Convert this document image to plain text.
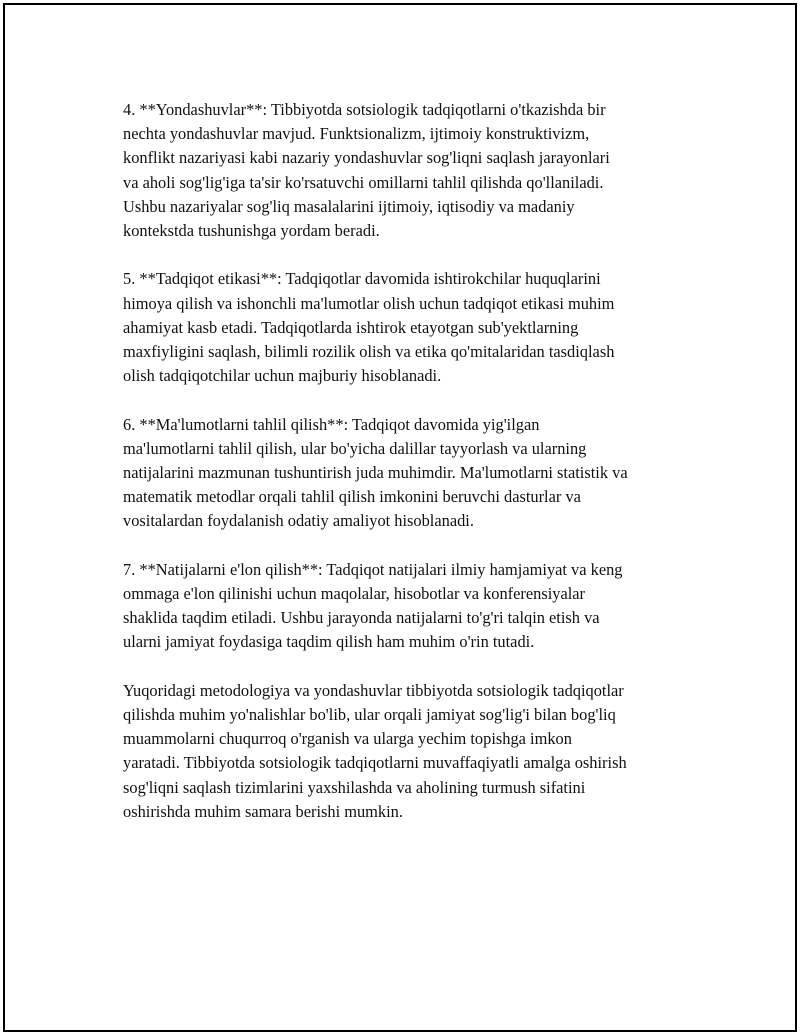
4. **Yondashuvlar**: Tibbiyotda sotsiologik tadqiqotlarni o'tkazishda bir
nechta yondashuvlar mavjud. Funktsionalizm, ijtimoiy konstruktivizm,
konflikt nazariyasi kabi nazariy yondashuvlar sog'liqni saqlash jarayonlari
va aholi sog'lig'iga ta'sir ko'rsatuvchi omillarni tahlil qilishda qo'llaniladi.
Ushbu nazariyalar sog'liq masalalarini ijtimoiy, iqtisodiy va madaniy
kontekstda tushunishga yordam beradi.

5. **Tadqiqot etikasi**: Tadqiqotlar davomida ishtirokchilar huquqlarini
himoya qilish va ishonchli ma'lumotlar olish uchun tadqiqot etikasi muhim
ahamiyat kasb etadi. Tadqiqotlarda ishtirok etayotgan sub'yektlarning
maxfiyligini saqlash, bilimli rozilik olish va etika qo'mitalaridan tasdiqlash
olish tadqiqotchilar uchun majburiy hisoblanadi.

6. **Ma'lumotlarni tahlil qilish**: Tadqiqot davomida yig'ilgan
ma'lumotlarni tahlil qilish, ular bo'yicha dalillar tayyorlash va ularning
natijalarini mazmunan tushuntirish juda muhimdir. Ma'lumotlarni statistik va
matematik metodlar orqali tahlil qilish imkonini beruvchi dasturlar va
vositalardan foydalanish odatiy amaliyot hisoblanadi.

7. **Natijalarni e'lon qilish**: Tadqiqot natijalari ilmiy hamjamiyat va keng
ommaga e'lon qilinishi uchun maqolalar, hisobotlar va konferensiyalar
shaklida taqdim etiladi. Ushbu jarayonda natijalarni to'g'ri talqin etish va
ularni jamiyat foydasiga taqdim qilish ham muhim o'rin tutadi.

Yuqoridagi metodologiya va yondashuvlar tibbiyotda sotsiologik tadqiqotlar
qilishda muhim yo'nalishlar bo'lib, ular orqali jamiyat sog'lig'i bilan bog'liq
muammolarni chuqurroq o'rganish va ularga yechim topishga imkon
yaratadi. Tibbiyotda sotsiologik tadqiqotlarni muvaffaqiyatli amalga oshirish
sog'liqni saqlash tizimlarini yaxshilashda va aholining turmush sifatini
oshirishda muhim samara berishi mumkin.
